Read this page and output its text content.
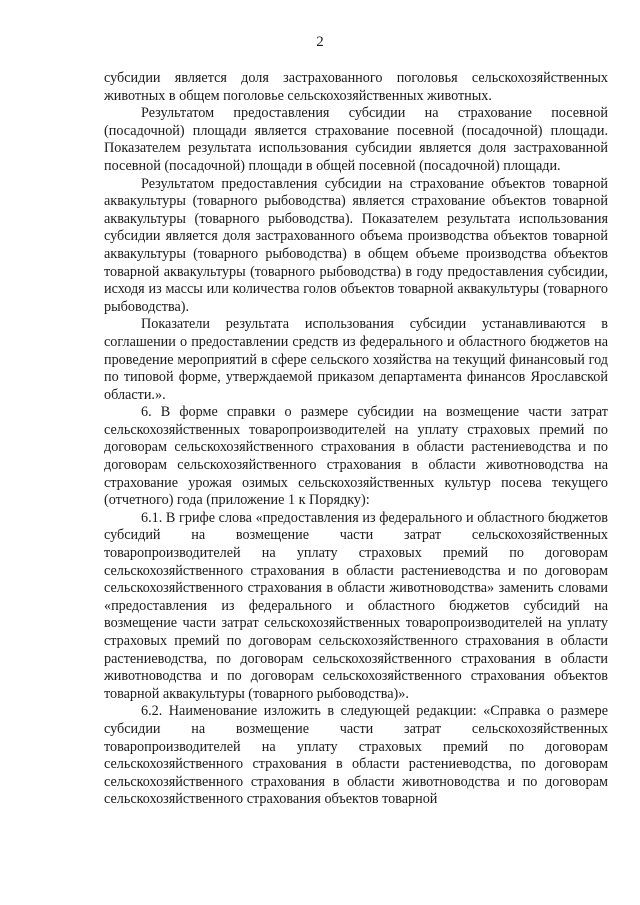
2

субсидии является доля застрахованного поголовья сельскохозяйственных животных в общем поголовье сельскохозяйственных животных.

Результатом предоставления субсидии на страхование посевной (посадочной) площади является страхование посевной (посадочной) площади. Показателем результата использования субсидии является доля застрахованной посевной (посадочной) площади в общей посевной (посадочной) площади.

Результатом предоставления субсидии на страхование объектов товарной аквакультуры (товарного рыбоводства) является страхование объектов товарной аквакультуры (товарного рыбоводства). Показателем результата использования субсидии является доля застрахованного объема производства объектов товарной аквакультуры (товарного рыбоводства) в общем объеме производства объектов товарной аквакультуры (товарного рыбоводства) в году предоставления субсидии, исходя из массы или количества голов объектов товарной аквакультуры (товарного рыбоводства).

Показатели результата использования субсидии устанавливаются в соглашении о предоставлении средств из федерального и областного бюджетов на проведение мероприятий в сфере сельского хозяйства на текущий финансовый год по типовой форме, утверждаемой приказом департамента финансов Ярославской области.».

6. В форме справки о размере субсидии на возмещение части затрат сельскохозяйственных товаропроизводителей на уплату страховых премий по договорам сельскохозяйственного страхования в области растениеводства и по договорам сельскохозяйственного страхования в области животноводства на страхование урожая озимых сельскохозяйственных культур посева текущего (отчетного) года (приложение 1 к Порядку):

6.1. В грифе слова «предоставления из федерального и областного бюджетов субсидий на возмещение части затрат сельскохозяйственных товаропроизводителей на уплату страховых премий по договорам сельскохозяйственного страхования в области растениеводства и по договорам сельскохозяйственного страхования в области животноводства» заменить словами «предоставления из федерального и областного бюджетов субсидий на возмещение части затрат сельскохозяйственных товаропроизводителей на уплату страховых премий по договорам сельскохозяйственного страхования в области растениеводства, по договорам сельскохозяйственного страхования в области животноводства и по договорам сельскохозяйственного страхования объектов товарной аквакультуры (товарного рыбоводства)».

6.2. Наименование изложить в следующей редакции: «Справка о размере субсидии на возмещение части затрат сельскохозяйственных товаропроизводителей на уплату страховых премий по договорам сельскохозяйственного страхования в области растениеводства, по договорам сельскохозяйственного страхования в области животноводства и по договорам сельскохозяйственного страхования объектов товарной
